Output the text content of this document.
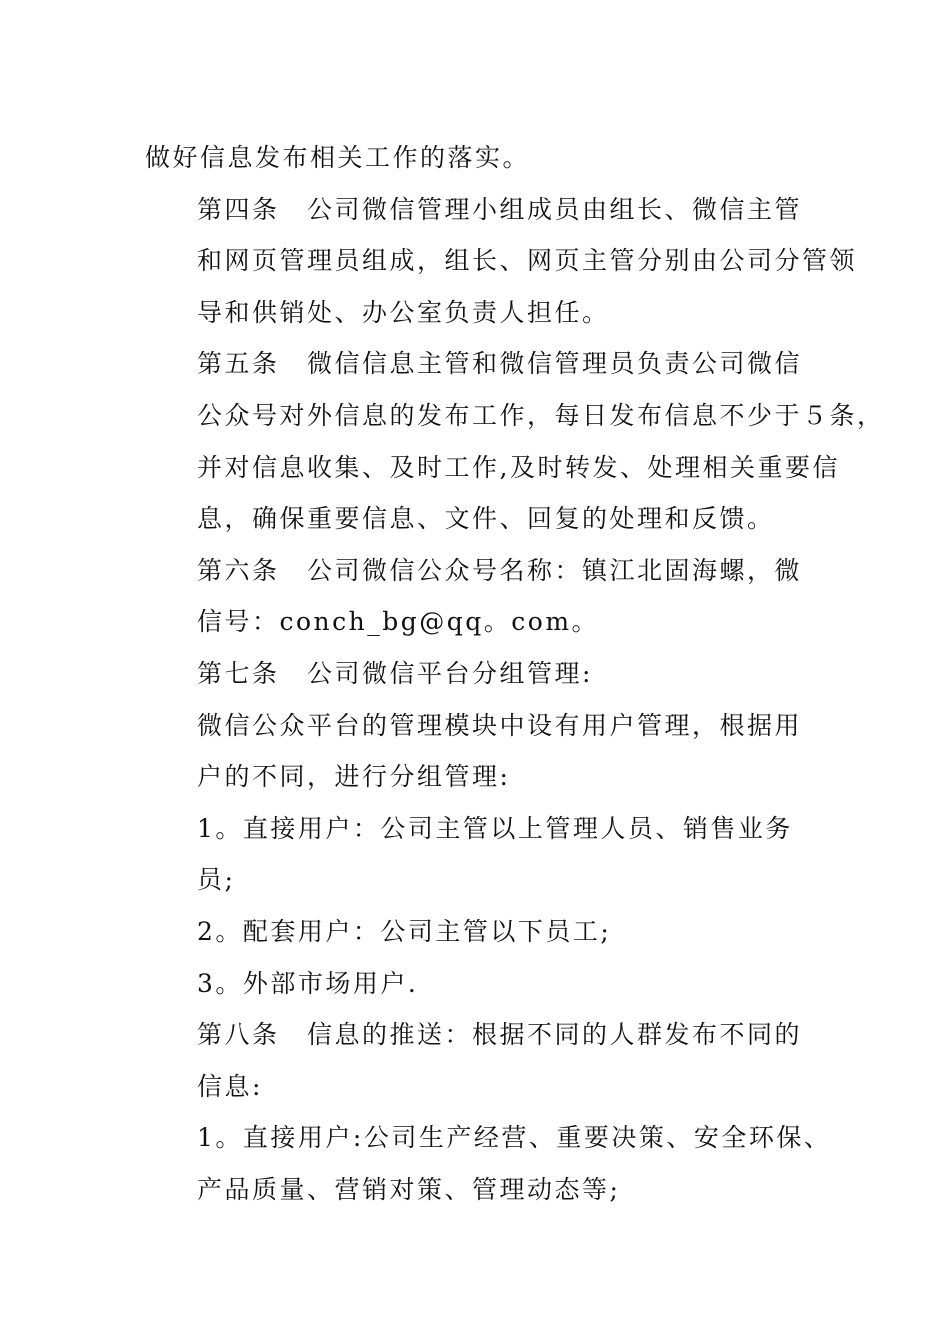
做好信息发布相关工作的落实。

第四条　公司微信管理小组成员由组长、微信主管
和网页管理员组成，组长、网页主管分别由公司分管领
导和供销处、办公室负责人担任。

第五条　微信信息主管和微信管理员负责公司微信
公众号对外信息的发布工作，每日发布信息不少于５条，
并对信息收集、及时工作,及时转发、处理相关重要信
息，确保重要信息、文件、回复的处理和反馈。

第六条　公司微信公众号名称：镇江北固海螺，微
信号：conch_bg@qq。com。

第七条　公司微信平台分组管理:

微信公众平台的管理模块中设有用户管理，根据用
户的不同，进行分组管理:

1。直接用户：公司主管以上管理人员、销售业务
员;

2。配套用户：公司主管以下员工;

3。外部市场用户.

第八条　信息的推送：根据不同的人群发布不同的
信息:

1。直接用户:公司生产经营、重要决策、安全环保、
产品质量、营销对策、管理动态等;
